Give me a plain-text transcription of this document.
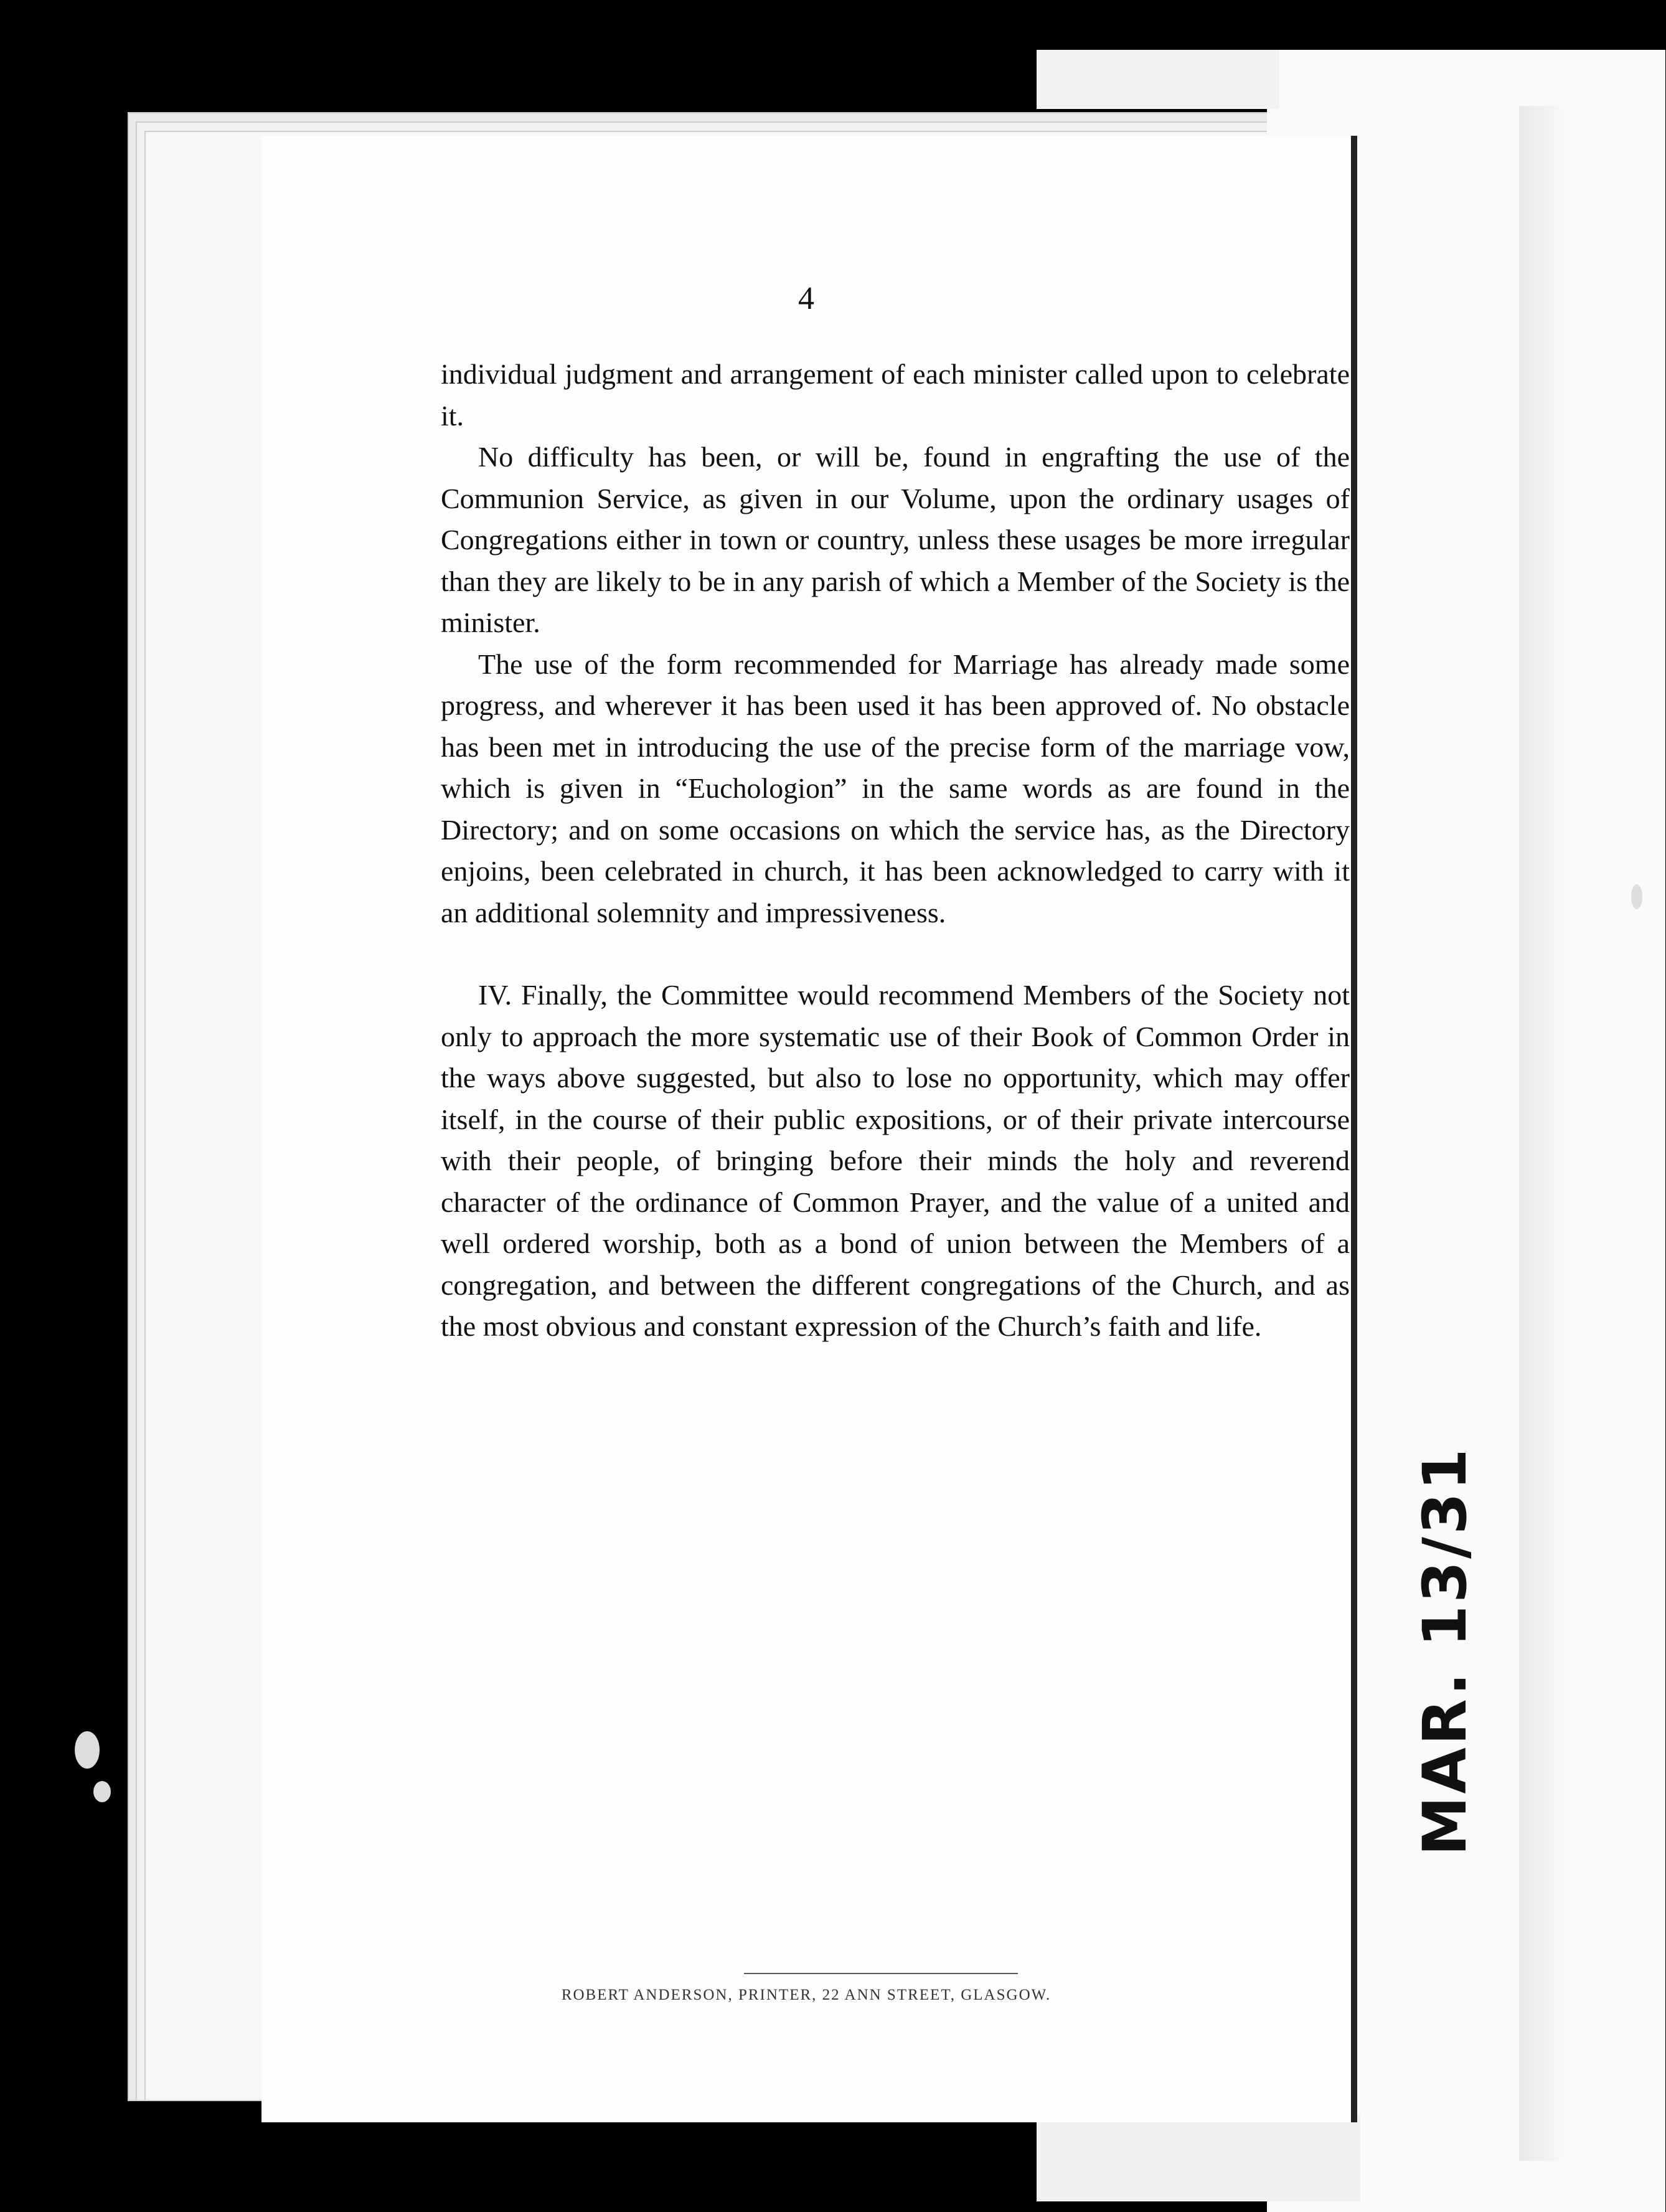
4

individual judgment and arrangement of each minister called upon to celebrate it.

No difficulty has been, or will be, found in engrafting the use of the Communion Service, as given in our Volume, upon the ordinary usages of Congregations either in town or country, unless these usages be more irregular than they are likely to be in any parish of which a Member of the Society is the minister.

The use of the form recommended for Marriage has already made some progress, and wherever it has been used it has been approved of. No obstacle has been met in introducing the use of the precise form of the marriage vow, which is given in “Euchologion” in the same words as are found in the Directory; and on some occasions on which the service has, as the Directory enjoins, been celebrated in church, it has been acknowledged to carry with it an additional solemnity and impressiveness.

IV. Finally, the Committee would recommend Members of the Society not only to approach the more systematic use of their Book of Common Order in the ways above suggested, but also to lose no opportunity, which may offer itself, in the course of their public expositions, or of their private intercourse with their people, of bringing before their minds the holy and reverend character of the ordinance of Common Prayer, and the value of a united and well ordered worship, both as a bond of union between the Members of a congregation, and between the different congregations of the Church, and as the most obvious and constant expression of the Church’s faith and life.

ROBERT ANDERSON, PRINTER, 22 ANN STREET, GLASGOW.
MAR. 13/31
